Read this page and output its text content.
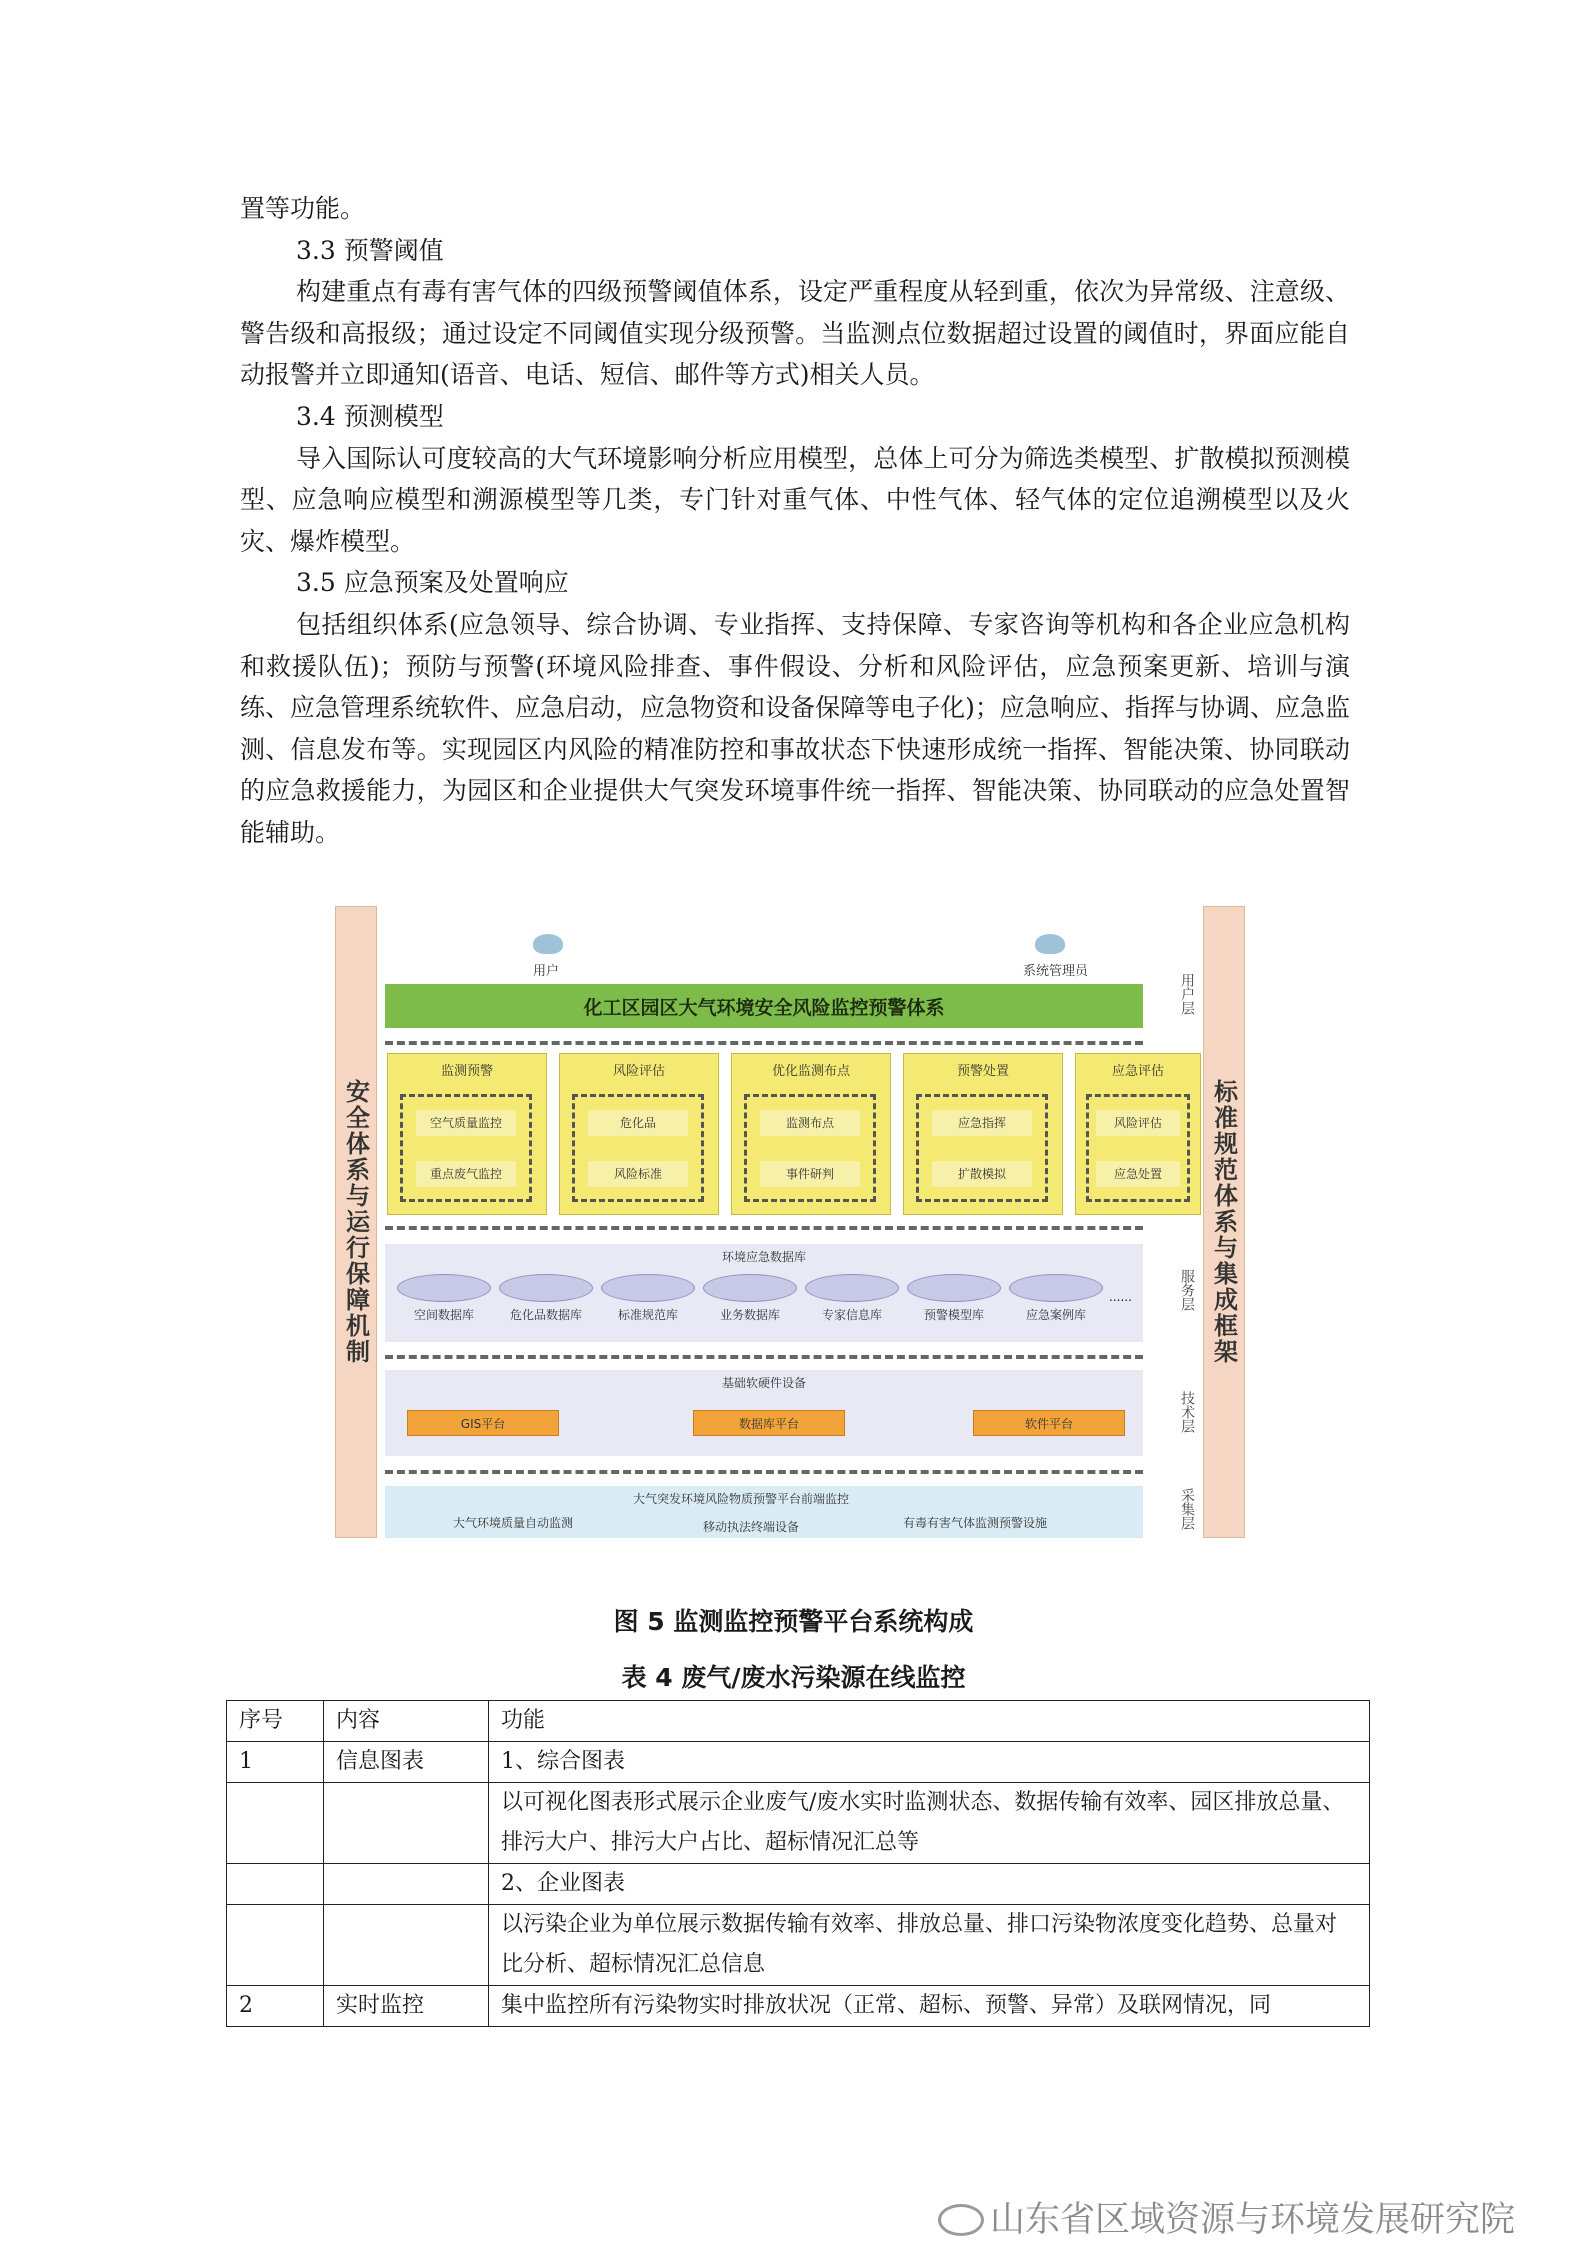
置等功能。

3.3 预警阈值

构建重点有毒有害气体的四级预警阈值体系，设定严重程度从轻到重，依次为异常级、注意级、警告级和高报级；通过设定不同阈值实现分级预警。当监测点位数据超过设置的阈值时，界面应能自动报警并立即通知(语音、电话、短信、邮件等方式)相关人员。

3.4 预测模型

导入国际认可度较高的大气环境影响分析应用模型，总体上可分为筛选类模型、扩散模拟预测模型、应急响应模型和溯源模型等几类，专门针对重气体、中性气体、轻气体的定位追溯模型以及火灾、爆炸模型。

3.5 应急预案及处置响应

包括组织体系(应急领导、综合协调、专业指挥、支持保障、专家咨询等机构和各企业应急机构和救援队伍)；预防与预警(环境风险排查、事件假设、分析和风险评估，应急预案更新、培训与演练、应急管理系统软件、应急启动，应急物资和设备保障等电子化)；应急响应、指挥与协调、应急监测、信息发布等。实现园区内风险的精准防控和事故状态下快速形成统一指挥、智能决策、协同联动的应急救援能力，为园区和企业提供大气突发环境事件统一指挥、智能决策、协同联动的应急处置智能辅助。

安全体系与运行保障机制	标准规范体系与集成框架
用户	系统管理员
化工区园区大气环境安全风险监控预警体系	用户层
服务层
技术层
采集层
监测预警
空气质量监控
重点废气监控
风险评估
危化品
风险标准
优化监测布点
监测布点
事件研判
预警处置
应急指挥
扩散模拟
应急评估
风险评估
应急处置
环境应急数据库
空间数据库	危化品数据库	标准规范库	业务数据库	专家信息库	预警模型库	应急案例库
......
基础软硬件设备
GIS平台	数据库平台	软件平台
大气突发环境风险物质预警平台前端监控
大气环境质量自动监测	移动执法终端设备	有毒有害气体监测预警设施
图 5 监测监控预警平台系统构成
表 4 废气/废水污染源在线监控
序号	内容	功能
1	信息图表	1、综合图表
		以可视化图表形式展示企业废气/废水实时监测状态、数据传输有效率、园区排放总量、排污大户、排污大户占比、超标情况汇总等
		2、企业图表
		以污染企业为单位展示数据传输有效率、排放总量、排口污染物浓度变化趋势、总量对比分析、超标情况汇总信息
2	实时监控	集中监控所有污染物实时排放状况（正常、超标、预警、异常）及联网情况，同
山东省区域资源与环境发展研究院
